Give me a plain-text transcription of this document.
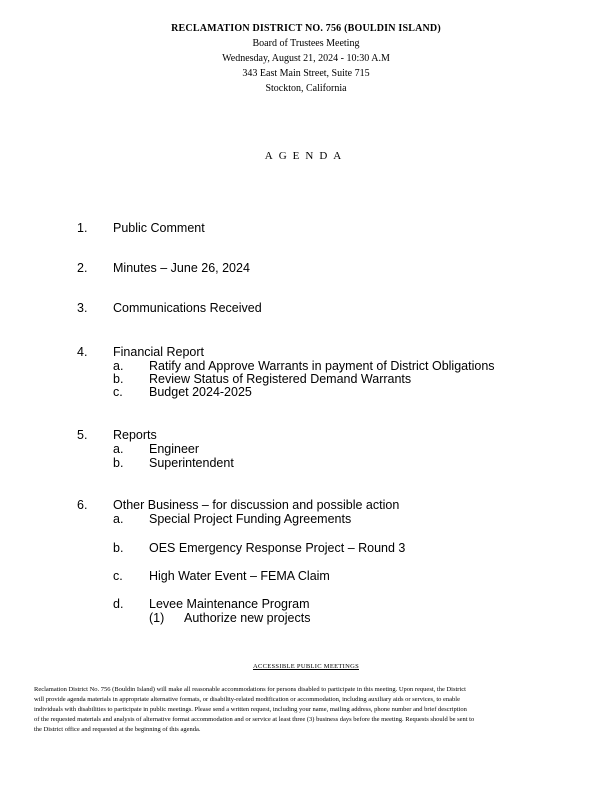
RECLAMATION DISTRICT NO. 756 (BOULDIN ISLAND)
Board of Trustees Meeting
Wednesday, August 21, 2024 - 10:30 A.M
343 East Main Street, Suite 715
Stockton, California
AGENDA
1. Public Comment
2. Minutes – June 26, 2024
3. Communications Received
4. Financial Report
a. Ratify and Approve Warrants in payment of District Obligations
b. Review Status of Registered Demand Warrants
c. Budget 2024-2025
5. Reports
a. Engineer
b. Superintendent
6. Other Business – for discussion and possible action
a. Special Project Funding Agreements
b. OES Emergency Response Project – Round 3
c. High Water Event – FEMA Claim
d. Levee Maintenance Program
(1) Authorize new projects
ACCESSIBLE PUBLIC MEETINGS
Reclamation District No. 756 (Bouldin Island) will make all reasonable accommodations for persons disabled to participate in this meeting. Upon request, the District
will provide agenda materials in appropriate alternative formats, or disability-related modification or accommodation, including auxiliary aids or services, to enable
individuals with disabilities to participate in public meetings. Please send a written request, including your name, mailing address, phone number and brief description
of the requested materials and analysis of alternative format accommodation and or service at least three (3) business days before the meeting. Requests should be sent to
the District office and requested at the beginning of this agenda.
